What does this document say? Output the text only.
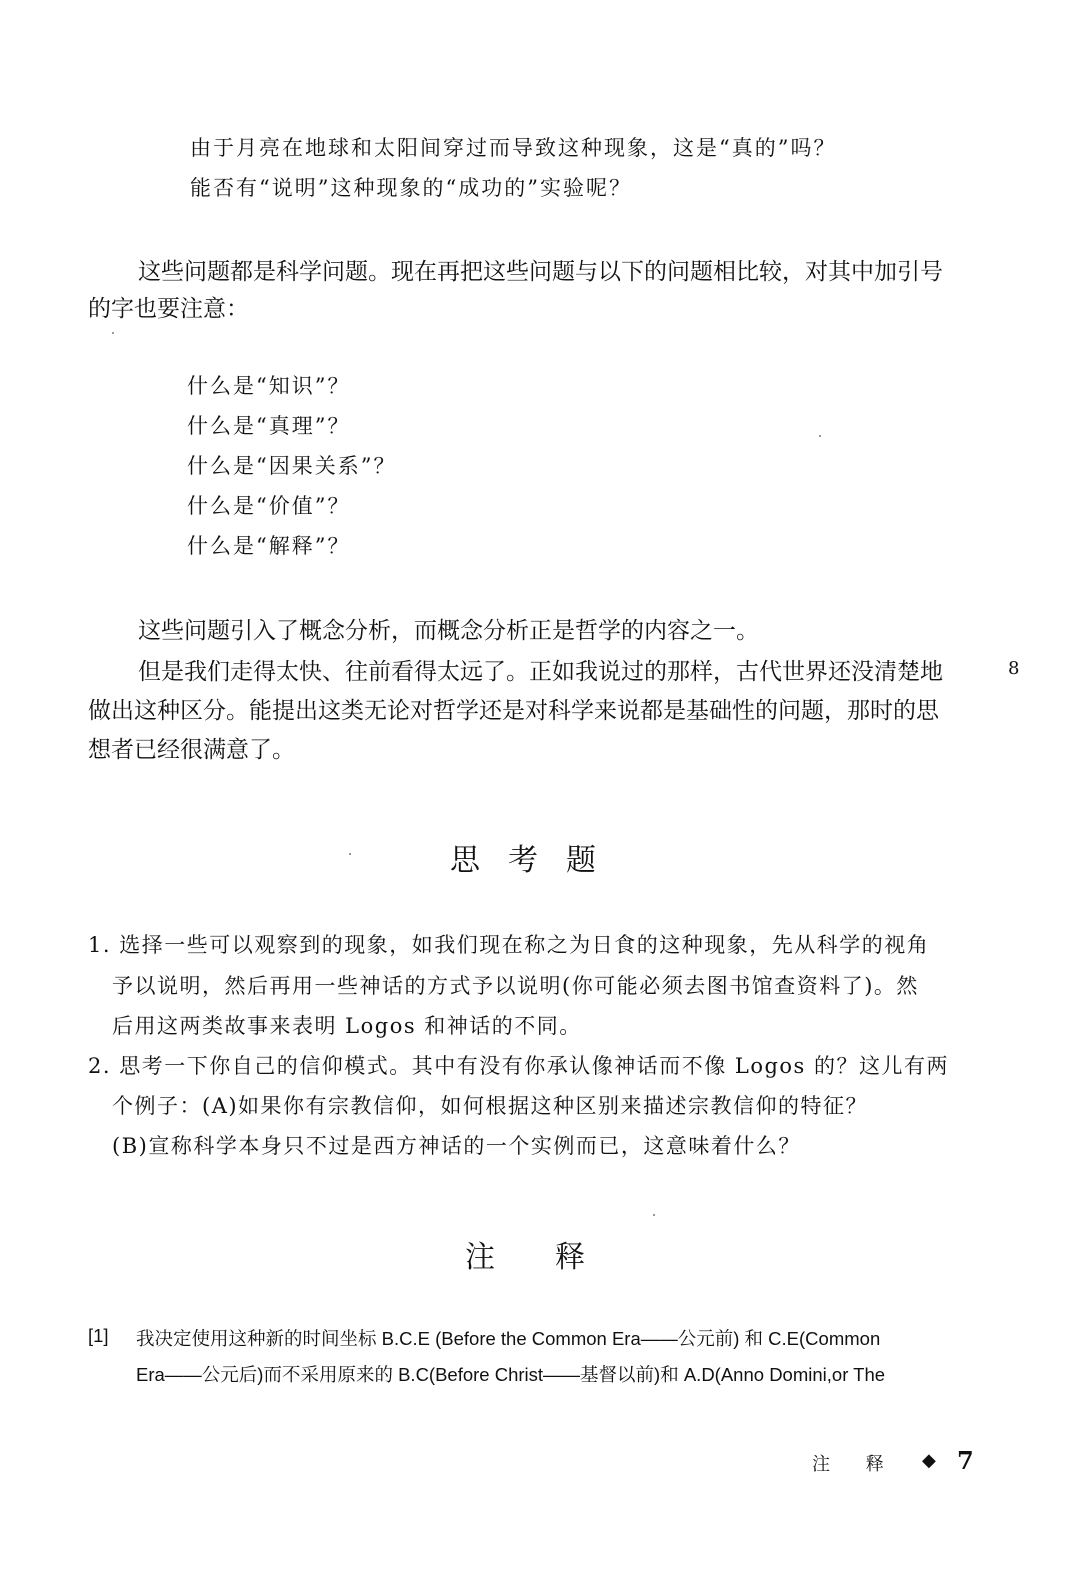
由于月亮在地球和太阳间穿过而导致这种现象，这是“真的”吗？
能否有“说明”这种现象的“成功的”实验呢？
这些问题都是科学问题。现在再把这些问题与以下的问题相比较，对其中加引号
的字也要注意：
什么是“知识”？
什么是“真理”？
什么是“因果关系”？
什么是“价值”？
什么是“解释”？
这些问题引入了概念分析，而概念分析正是哲学的内容之一。
但是我们走得太快、往前看得太远了。正如我说过的那样，古代世界还没清楚地	8
做出这种区分。能提出这类无论对哲学还是对科学来说都是基础性的问题，那时的思
想者已经很满意了。
思考题
1. 选择一些可以观察到的现象，如我们现在称之为日食的这种现象，先从科学的视角
予以说明，然后再用一些神话的方式予以说明(你可能必须去图书馆查资料了)。然
后用这两类故事来表明 Logos 和神话的不同。
2. 思考一下你自己的信仰模式。其中有没有你承认像神话而不像 Logos 的？这儿有两
个例子：(A)如果你有宗教信仰，如何根据这种区别来描述宗教信仰的特征？
(B)宣称科学本身只不过是西方神话的一个实例而已，这意味着什么？
注释
[1] 我决定使用这种新的时间坐标 B.C.E (Before the Common Era——公元前) 和 C.E(Common
Era——公元后)而不采用原来的 B.C(Before Christ——基督以前)和 A.D(Anno Domini,or The
注 释 ◆ 7
